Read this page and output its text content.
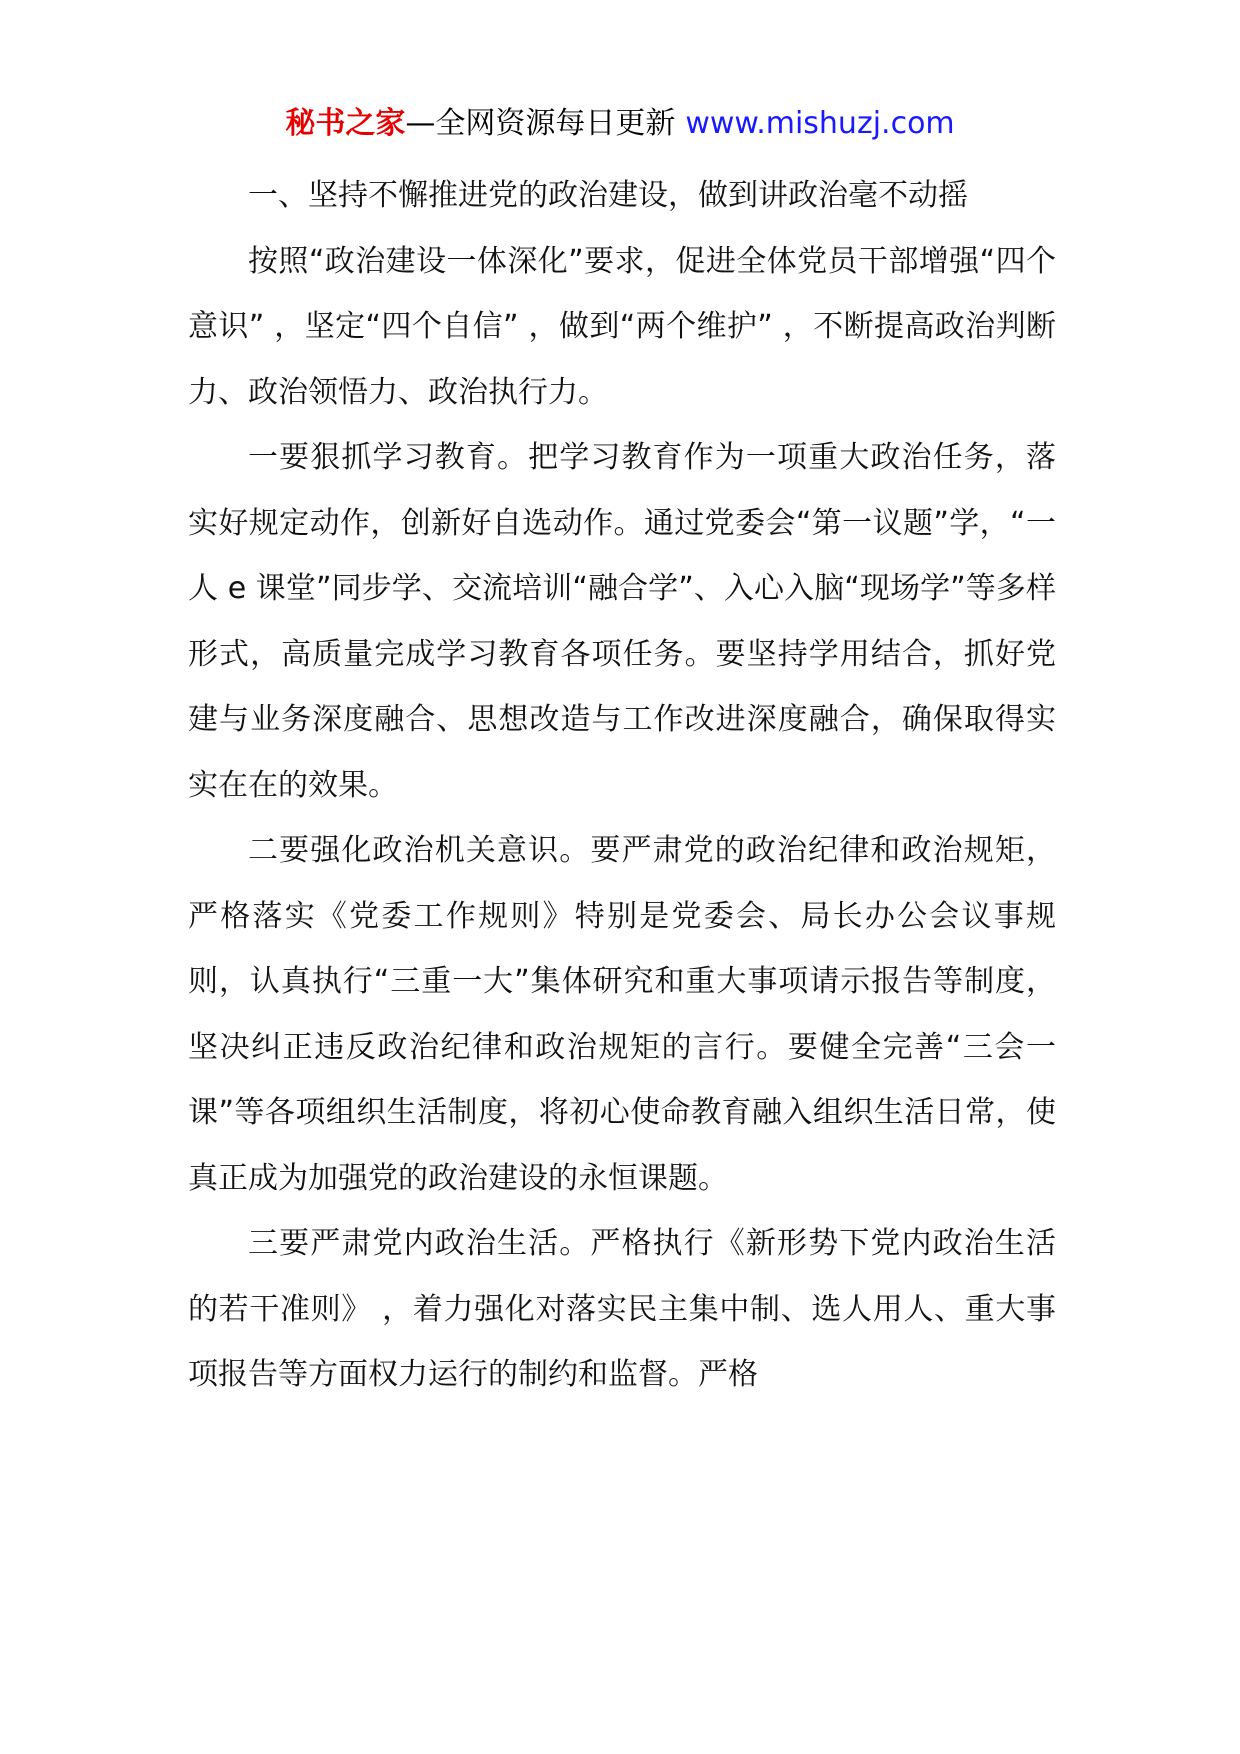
秘书之家—全网资源每日更新 www.mishuzj.com

一、坚持不懈推进党的政治建设，做到讲政治毫不动摇

按照“政治建设一体深化”要求，促进全体党员干部增强“四个意识” ，坚定“四个自信” ，做到“两个维护” ，不断提高政治判断力、政治领悟力、政治执行力。

一要狠抓学习教育。把学习教育作为一项重大政治任务，落实好规定动作，创新好自选动作。通过党委会“第一议题”学，“一人 e 课堂”同步学、交流培训“融合学”、入心入脑“现场学”等多样形式，高质量完成学习教育各项任务。要坚持学用结合，抓好党建与业务深度融合、思想改造与工作改进深度融合，确保取得实实在在的效果。

二要强化政治机关意识。要严肃党的政治纪律和政治规矩，严格落实《党委工作规则》特别是党委会、局长办公会议事规则，认真执行“三重一大”集体研究和重大事项请示报告等制度，坚决纠正违反政治纪律和政治规矩的言行。要健全完善“三会一课”等各项组织生活制度，将初心使命教育融入组织生活日常，使真正成为加强党的政治建设的永恒课题。

三要严肃党内政治生活。严格执行《新形势下党内政治生活的若干准则》 ，着力强化对落实民主集中制、选人用人、重大事项报告等方面权力运行的制约和监督。严格
